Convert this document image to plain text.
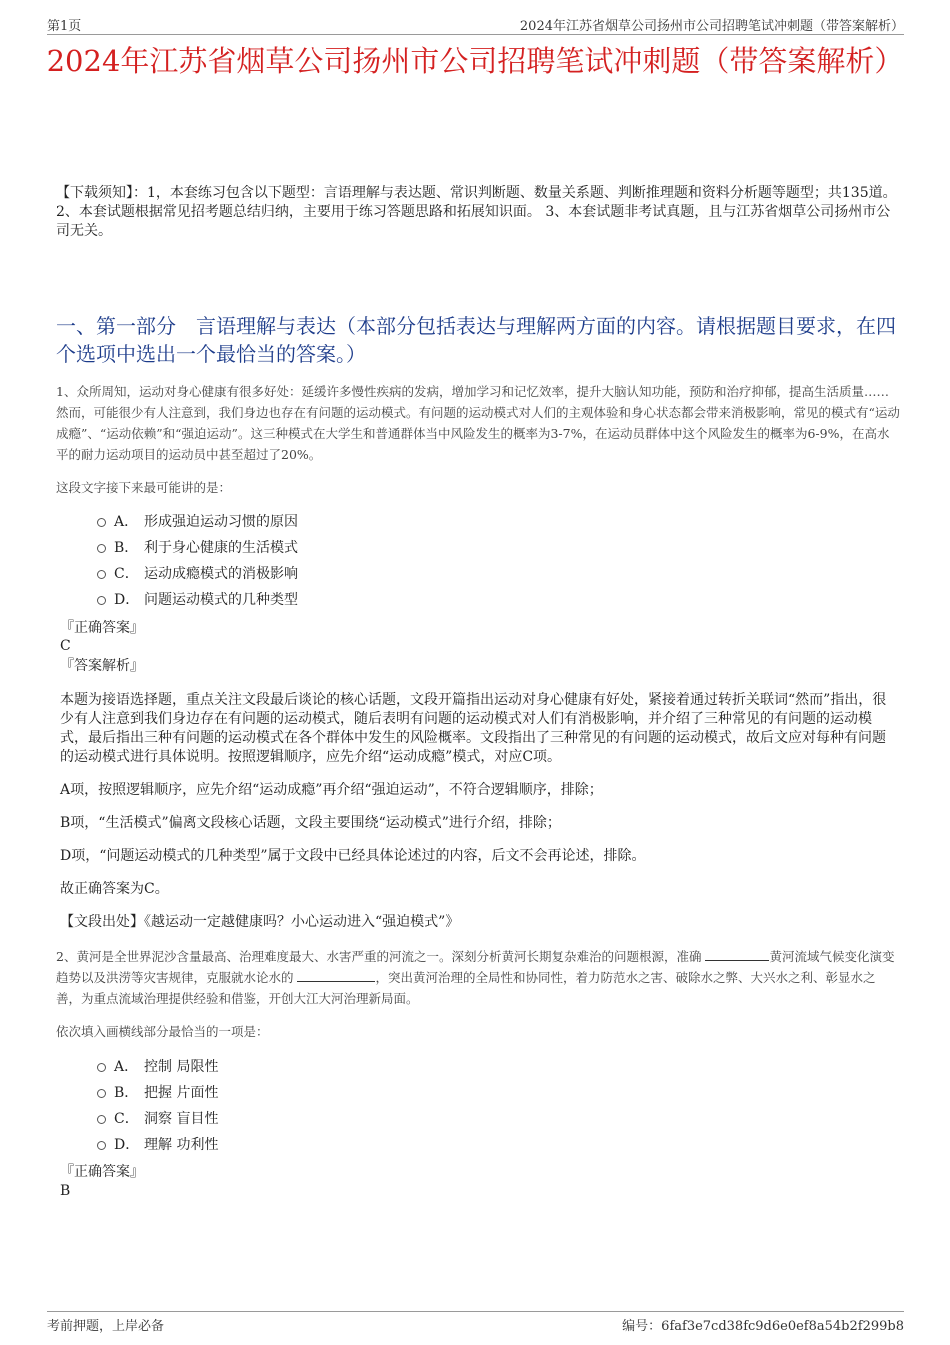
第1页	2024年江苏省烟草公司扬州市公司招聘笔试冲刺题（带答案解析）
2024年江苏省烟草公司扬州市公司招聘笔试冲刺题（带答案解析）

【下载须知】：1，本套练习包含以下题型：言语理解与表达题、常识判断题、数量关系题、判断推理题和资料分析题等题型；共135道。 2、本套试题根据常见招考题总结归纳，主要用于练习答题思路和拓展知识面。 3、本套试题非考试真题，且与江苏省烟草公司扬州市公司无关。

一、第一部分　言语理解与表达（本部分包括表达与理解两方面的内容。请根据题目要求，在四个选项中选出一个最恰当的答案。）

1、众所周知，运动对身心健康有很多好处：延缓许多慢性疾病的发病，增加学习和记忆效率，提升大脑认知功能，预防和治疗抑郁，提高生活质量……然而，可能很少有人注意到，我们身边也存在有问题的运动模式。有问题的运动模式对人们的主观体验和身心状态都会带来消极影响，常见的模式有“运动成瘾”、“运动依赖”和“强迫运动”。这三种模式在大学生和普通群体当中风险发生的概率为3-7%，在运动员群体中这个风险发生的概率为6-9%，在高水平的耐力运动项目的运动员中甚至超过了20%。

这段文字接下来最可能讲的是：

A． 形成强迫运动习惯的原因
B． 利于身心健康的生活模式
C． 运动成瘾模式的消极影响
D． 问题运动模式的几种类型

『正确答案』

C

『答案解析』

本题为接语选择题，重点关注文段最后谈论的核心话题，文段开篇指出运动对身心健康有好处，紧接着通过转折关联词“然而”指出，很少有人注意到我们身边存在有问题的运动模式，随后表明有问题的运动模式对人们有消极影响，并介绍了三种常见的有问题的运动模式，最后指出三种有问题的运动模式在各个群体中发生的风险概率。文段指出了三种常见的有问题的运动模式，故后文应对每种有问题的运动模式进行具体说明。按照逻辑顺序，应先介绍“运动成瘾”模式，对应C项。

A项，按照逻辑顺序，应先介绍“运动成瘾”再介绍“强迫运动”，不符合逻辑顺序，排除；

B项，“生活模式”偏离文段核心话题，文段主要围绕“运动模式”进行介绍，排除；

D项，“问题运动模式的几种类型”属于文段中已经具体论述过的内容，后文不会再论述，排除。

故正确答案为C。

【文段出处】《越运动一定越健康吗？小心运动进入“强迫模式”》

2、黄河是全世界泥沙含量最高、治理难度最大、水害严重的河流之一。深刻分析黄河长期复杂难治的问题根源，准确	黄河流域气候变化演变趋势以及洪涝等灾害规律，克服就水论水的	，突出黄河治理的全局性和协同性，着力防范水之害、破除水之弊、大兴水之利、彰显水之善，为重点流域治理提供经验和借鉴，开创大江大河治理新局面。

依次填入画横线部分最恰当的一项是：

A． 控制 局限性
B． 把握 片面性
C． 洞察 盲目性
D． 理解 功利性

『正确答案』

B

考前押题，上岸必备	编号：6faf3e7cd38fc9d6e0ef8a54b2f299b8
